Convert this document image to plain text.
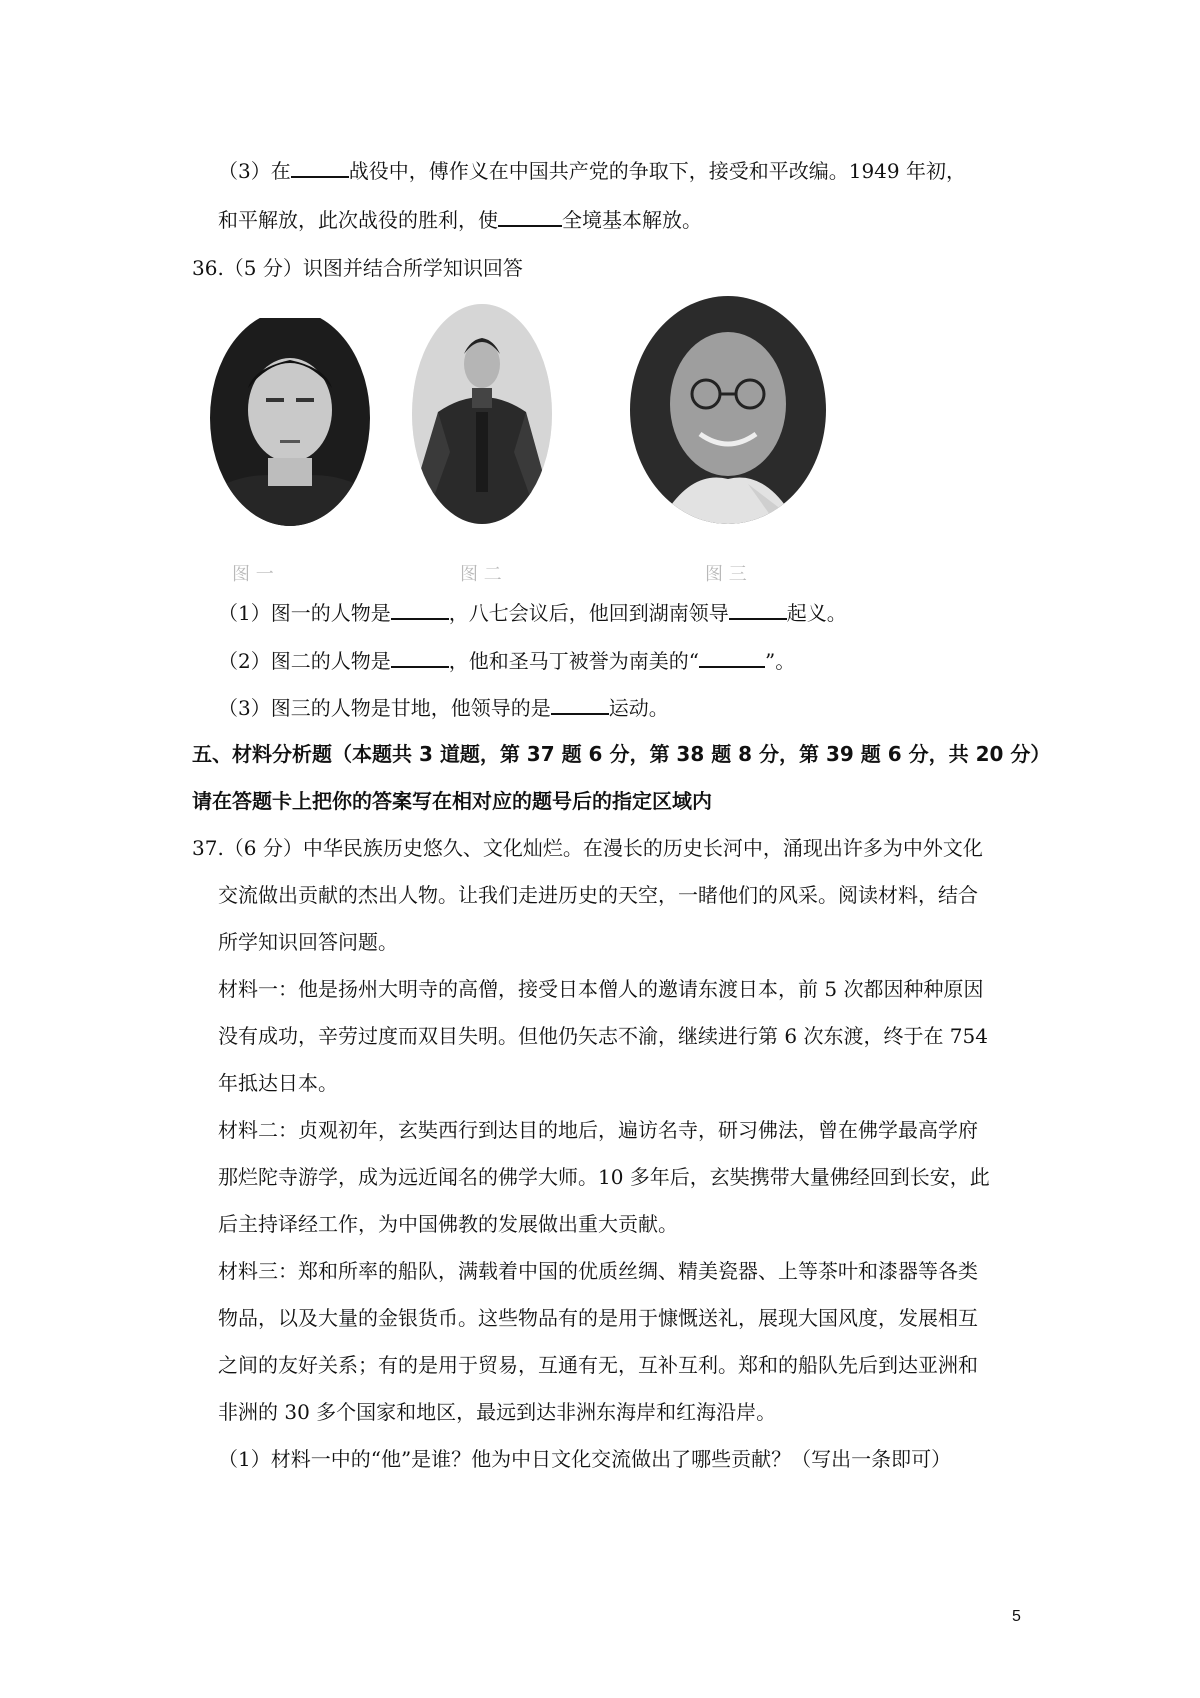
（3）在	战役中，傅作义在中国共产党的争取下，接受和平改编。1949 年初，
和平解放，此次战役的胜利，使	全境基本解放。
36.（5 分）识图并结合所学知识回答
图 一	图 二	图 三
（1）图一的人物是	，八七会议后，他回到湖南领导	起义。
（2）图二的人物是	，他和圣马丁被誉为南美的“	”。
（3）图三的人物是甘地，他领导的是	运动。
五、材料分析题（本题共 3 道题，第 37 题 6 分，第 38 题 8 分，第 39 题 6 分，共 20 分）
请在答题卡上把你的答案写在相对应的题号后的指定区域内
37.（6 分）中华民族历史悠久、文化灿烂。在漫长的历史长河中，涌现出许多为中外文化
交流做出贡献的杰出人物。让我们走进历史的天空，一睹他们的风采。阅读材料，结合
所学知识回答问题。
材料一：他是扬州大明寺的高僧，接受日本僧人的邀请东渡日本，前 5 次都因种种原因
没有成功，辛劳过度而双目失明。但他仍矢志不渝，继续进行第 6 次东渡，终于在 754
年抵达日本。
材料二：贞观初年，玄奘西行到达目的地后，遍访名寺，研习佛法，曾在佛学最高学府
那烂陀寺游学，成为远近闻名的佛学大师。10 多年后，玄奘携带大量佛经回到长安，此
后主持译经工作，为中国佛教的发展做出重大贡献。
材料三：郑和所率的船队，满载着中国的优质丝绸、精美瓷器、上等茶叶和漆器等各类
物品，以及大量的金银货币。这些物品有的是用于慷慨送礼，展现大国风度，发展相互
之间的友好关系；有的是用于贸易，互通有无，互补互利。郑和的船队先后到达亚洲和
非洲的 30 多个国家和地区，最远到达非洲东海岸和红海沿岸。
（1）材料一中的“他”是谁？他为中日文化交流做出了哪些贡献？（写出一条即可）
5
